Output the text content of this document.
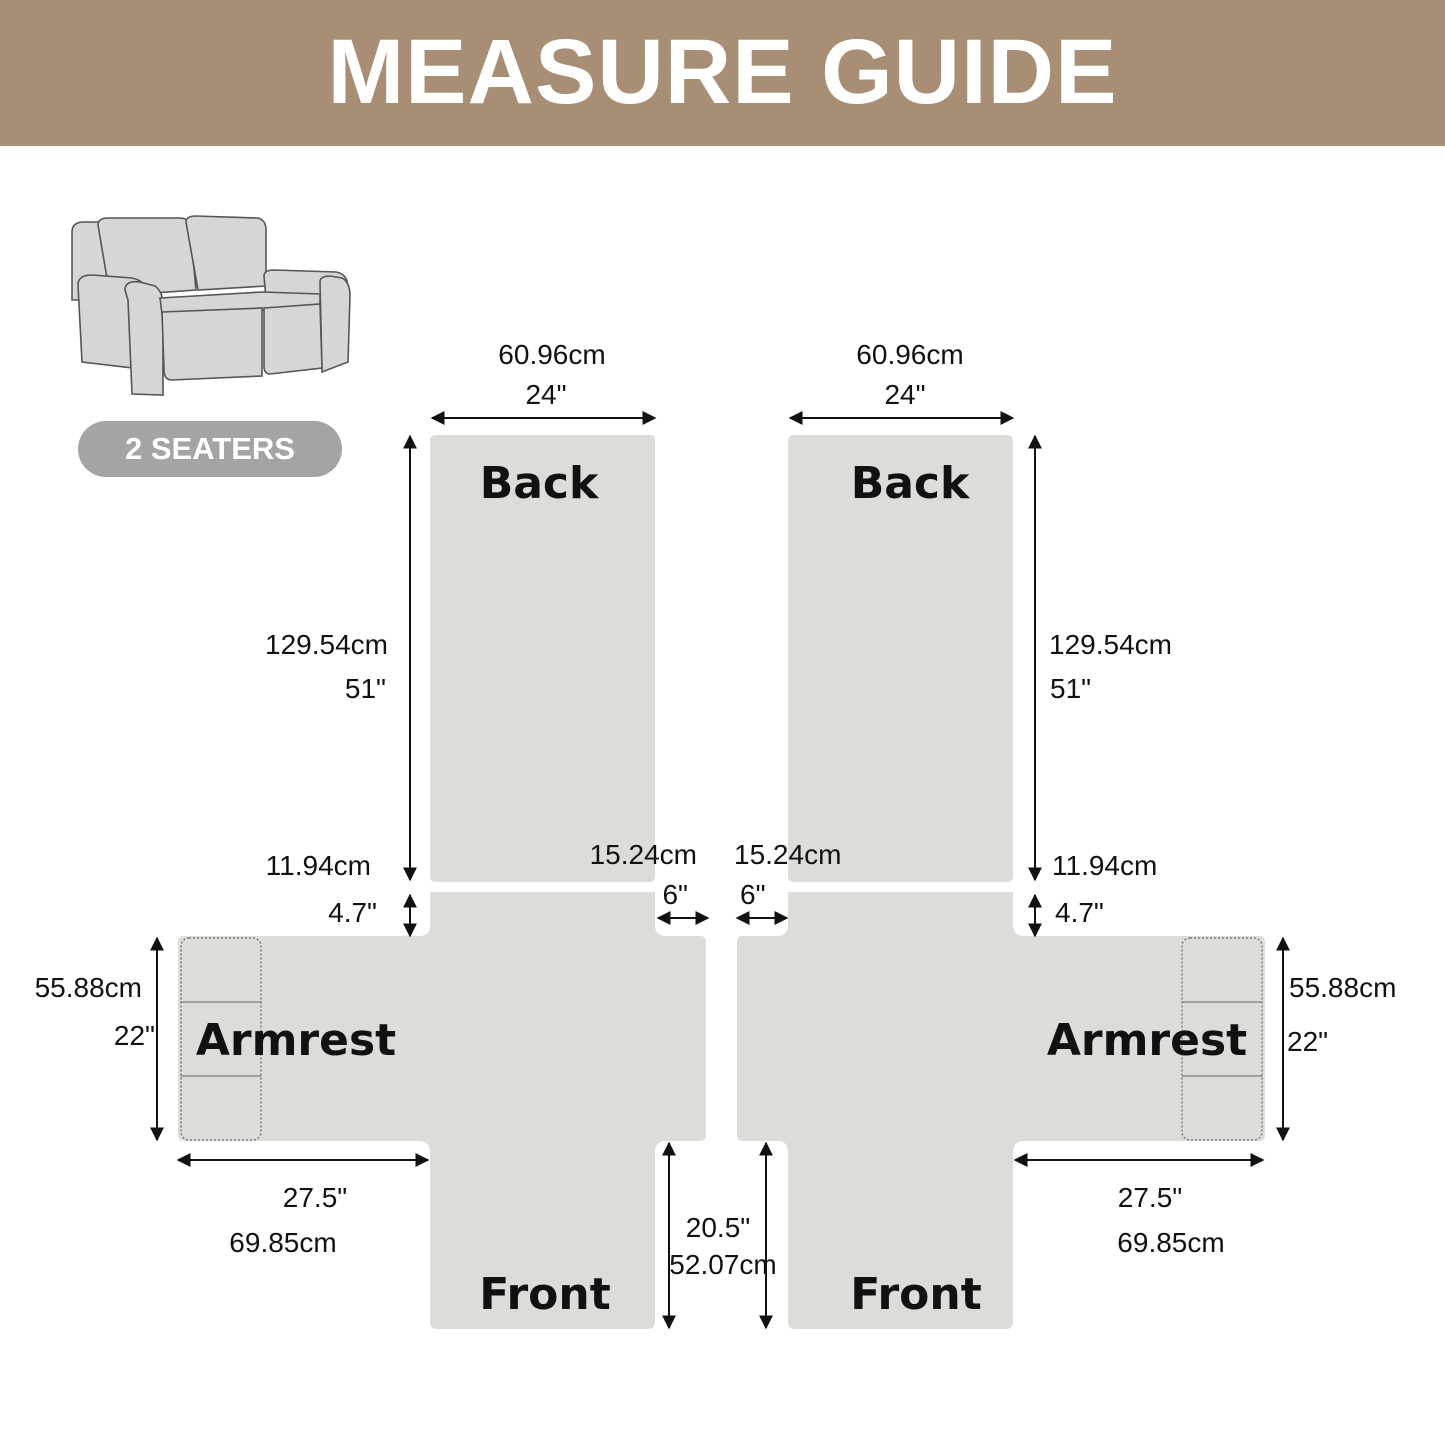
MEASURE GUIDE
2 SEATERS
Back
Armrest
Front
60.96cm
24"
129.54cm
51"
11.94cm
4.7"
15.24cm
6"
55.88cm
22"
27.5"
69.85cm	20.5"
52.07cm
Back
Armrest
Front
60.96cm
24"
129.54cm
51"
11.94cm
4.7"
15.24cm
6"
55.88cm
22"
27.5"
69.85cm
